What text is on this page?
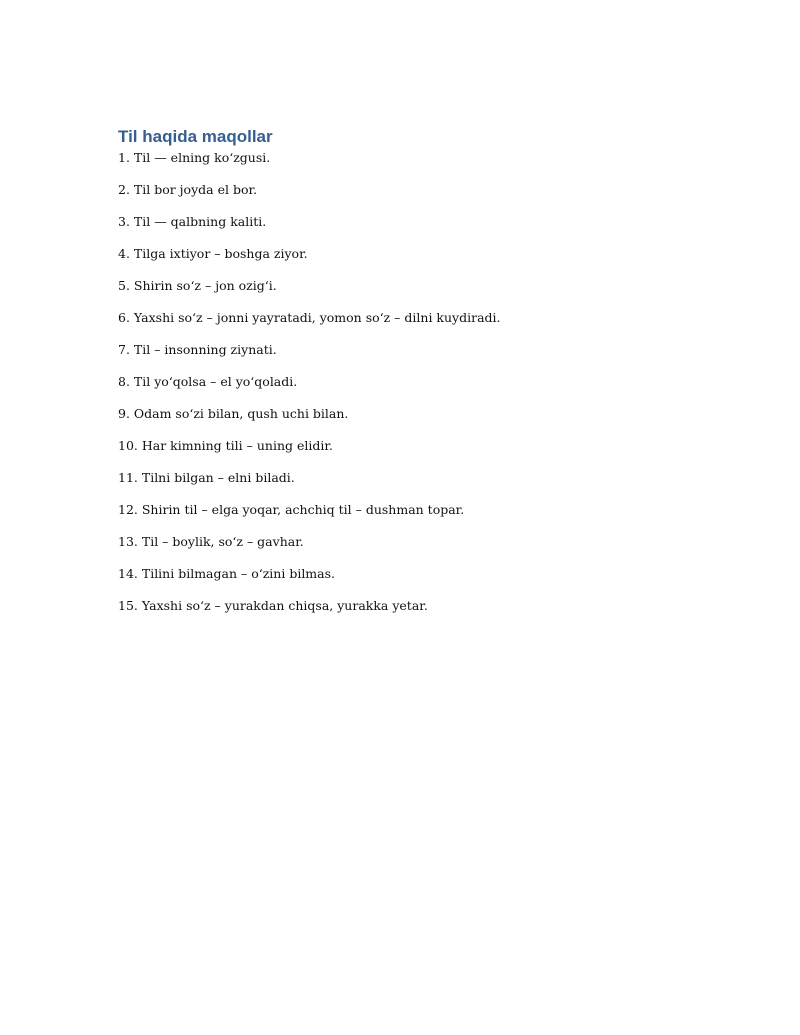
Til haqida maqollar
1. Til — elning ko‘zgusi.
2. Til bor joyda el bor.
3. Til — qalbning kaliti.
4. Tilga ixtiyor – boshga ziyor.
5. Shirin so‘z – jon ozig‘i.
6. Yaxshi so‘z – jonni yayratadi, yomon so‘z – dilni kuydiradi.
7. Til – insonning ziynati.
8. Til yo‘qolsa – el yo‘qoladi.
9. Odam so‘zi bilan, qush uchi bilan.
10. Har kimning tili – uning elidir.
11. Tilni bilgan – elni biladi.
12. Shirin til – elga yoqar, achchiq til – dushman topar.
13. Til – boylik, so‘z – gavhar.
14. Tilini bilmagan – o‘zini bilmas.
15. Yaxshi so‘z – yurakdan chiqsa, yurakka yetar.
